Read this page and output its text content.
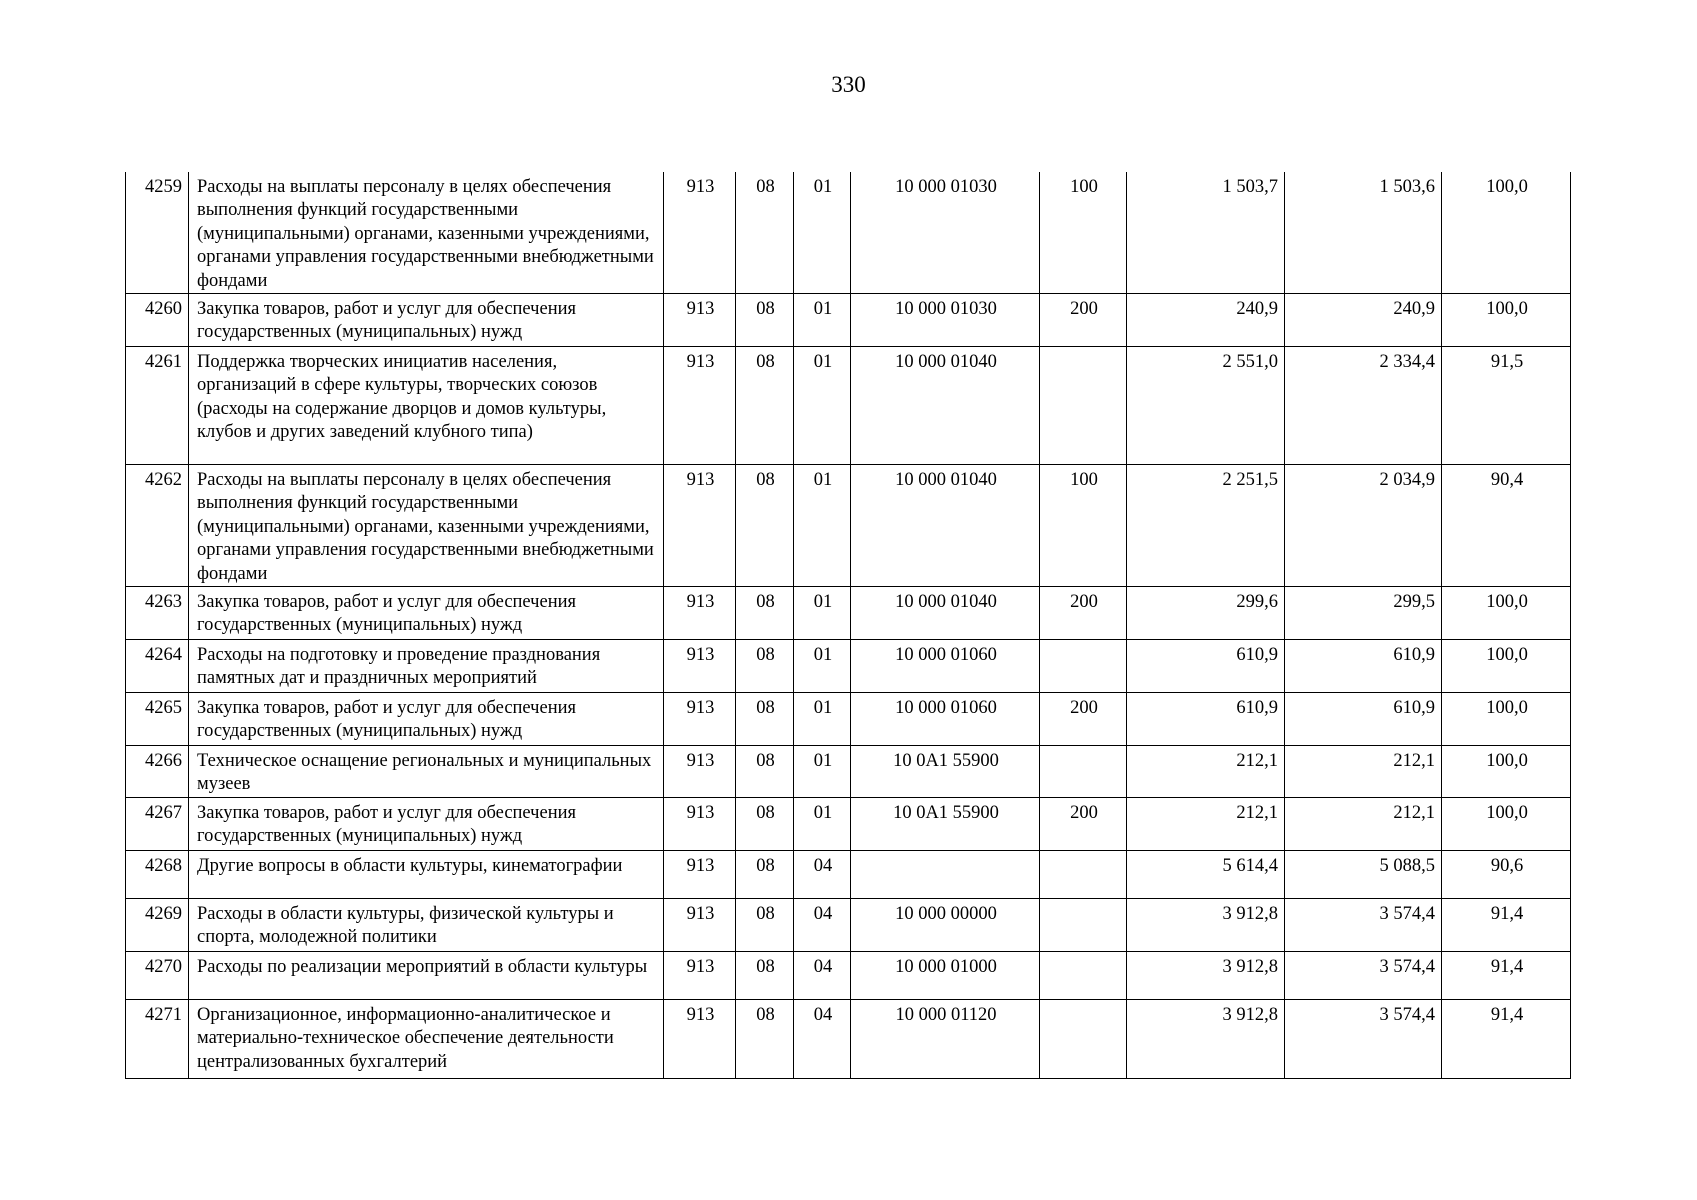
330
4259	Расходы на выплаты персоналу в целях обеспечения выполнения функций государственными (муниципальными) органами, казенными учреждениями, органами управления государственными внебюджетными фондами	913	08	01	10 000 01030	100	1 503,7	1 503,6	100,0
4260	Закупка товаров, работ и услуг для обеспечения государственных (муниципальных) нужд	913	08	01	10 000 01030	200	240,9	240,9	100,0
4261	Поддержка творческих инициатив населения, организаций в сфере культуры, творческих союзов (расходы на содержание дворцов и домов культуры, клубов и других заведений клубного типа)	913	08	01	10 000 01040		2 551,0	2 334,4	91,5
4262	Расходы на выплаты персоналу в целях обеспечения выполнения функций государственными (муниципальными) органами, казенными учреждениями, органами управления государственными внебюджетными фондами	913	08	01	10 000 01040	100	2 251,5	2 034,9	90,4
4263	Закупка товаров, работ и услуг для обеспечения государственных (муниципальных) нужд	913	08	01	10 000 01040	200	299,6	299,5	100,0
4264	Расходы на подготовку и проведение празднования памятных дат и праздничных мероприятий	913	08	01	10 000 01060		610,9	610,9	100,0
4265	Закупка товаров, работ и услуг для обеспечения государственных (муниципальных) нужд	913	08	01	10 000 01060	200	610,9	610,9	100,0
4266	Техническое оснащение региональных и муниципальных музеев	913	08	01	10 0A1 55900		212,1	212,1	100,0
4267	Закупка товаров, работ и услуг для обеспечения государственных (муниципальных) нужд	913	08	01	10 0A1 55900	200	212,1	212,1	100,0
4268	Другие вопросы в области культуры, кинематографии	913	08	04			5 614,4	5 088,5	90,6
4269	Расходы в области культуры, физической культуры и спорта, молодежной политики	913	08	04	10 000 00000		3 912,8	3 574,4	91,4
4270	Расходы по реализации мероприятий в области культуры	913	08	04	10 000 01000		3 912,8	3 574,4	91,4
4271	Организационное, информационно-аналитическое и материально-техническое обеспечение деятельности централизованных бухгалтерий	913	08	04	10 000 01120		3 912,8	3 574,4	91,4
